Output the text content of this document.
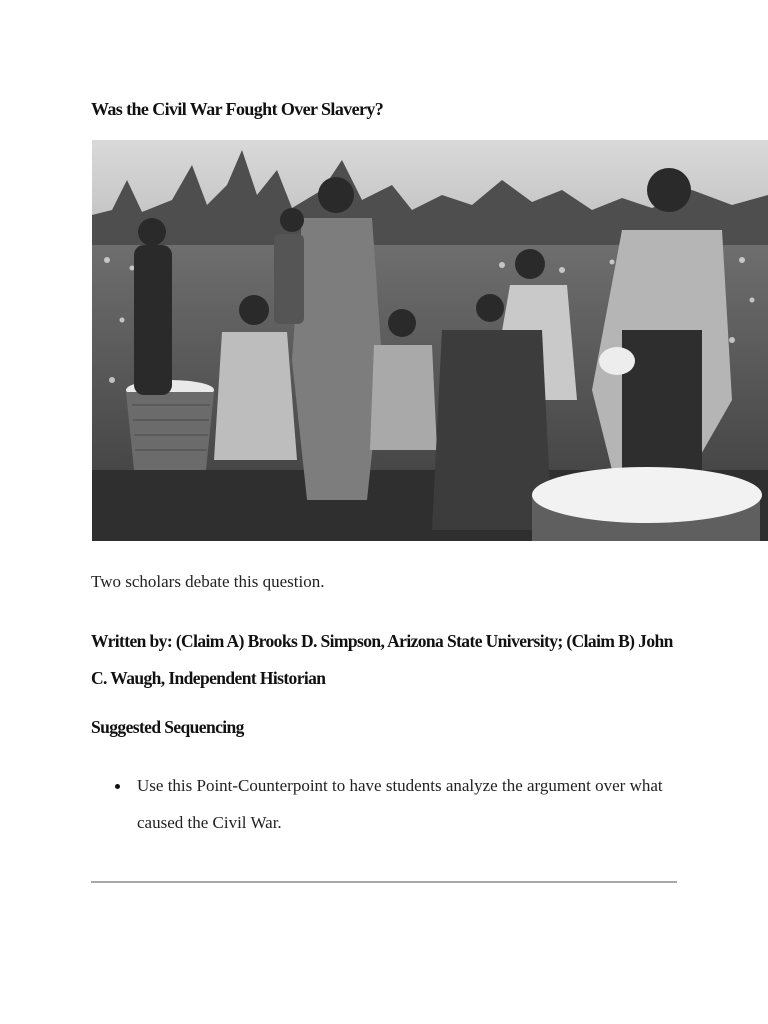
Was the Civil War Fought Over Slavery?

Two scholars debate this question.

Written by: (Claim A) Brooks D. Simpson, Arizona State University; (Claim B) John C. Waugh, Independent Historian

Suggested Sequencing
Use this Point-Counterpoint to have students analyze the argument over what caused the Civil War.
